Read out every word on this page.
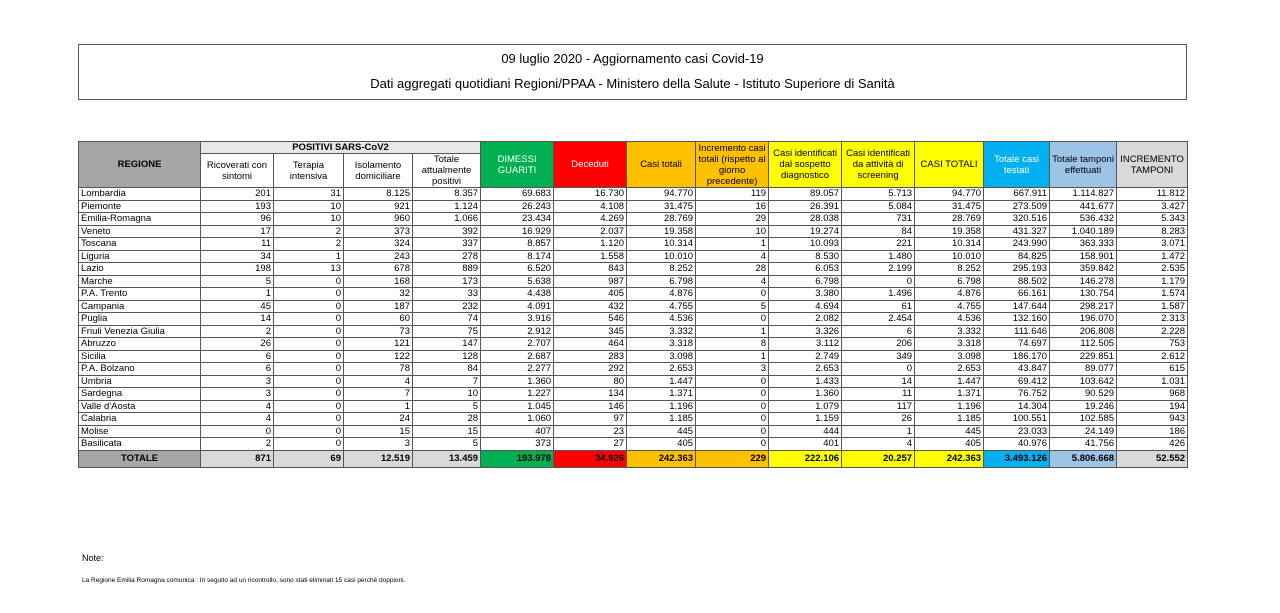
09 luglio 2020 - Aggiornamento casi Covid-19
Dati aggregati quotidiani Regioni/PPAA - Ministero della Salute - Istituto Superiore di Sanità
REGIONE	POSITIVI SARS-CoV2				DIMESSI GUARITI	Deceduti	Casi totali	Incremento casi totali (rispetto al giorno precedente)	Casi identificati dal sospetto diagnostico	Casi identificati da attività di screening	CASI TOTALI	Totale casi testati	Totale tamponi effettuati	INCREMENTO TAMPONI
	Ricoverati con sintomi	Terapia intensiva	Isolamento domiciliare	Totale attualmente positivi										
Lombardia	201	31	8.125	8.357	69.683	16.730	94.770	119	89.057	5.713	94.770	667.911	1.114.827	11.812
Piemonte	193	10	921	1.124	26.243	4.108	31.475	16	26.391	5.084	31.475	273.509	441.677	3.427
Emilia-Romagna	96	10	960	1.066	23.434	4.269	28.769	29	28.038	731	28.769	320.516	536.432	5.343
Veneto	17	2	373	392	16.929	2.037	19.358	10	19.274	84	19.358	431.327	1.040.189	8.283
Toscana	11	2	324	337	8.857	1.120	10.314	1	10.093	221	10.314	243.990	363.333	3.071
Liguria	34	1	243	278	8.174	1.558	10.010	4	8.530	1.480	10.010	84.825	158.901	1.472
Lazio	198	13	678	889	6.520	843	8.252	28	6.053	2.199	8.252	295.193	359.842	2.535
Marche	5	0	168	173	5.638	987	6.798	4	6.798	0	6.798	88.502	146.278	1.179
P.A. Trento	1	0	32	33	4.438	405	4.876	0	3.380	1.496	4.876	66.161	130.754	1.574
Campania	45	0	187	232	4.091	432	4.755	5	4.694	61	4.755	147.644	298.217	1.587
Puglia	14	0	60	74	3.916	546	4.536	0	2.082	2.454	4.536	132.160	196.070	2.313
Friuli Venezia Giulia	2	0	73	75	2.912	345	3.332	1	3.326	6	3.332	111.646	206.808	2.228
Abruzzo	26	0	121	147	2.707	464	3.318	8	3.112	206	3.318	74.697	112.505	753
Sicilia	6	0	122	128	2.687	283	3.098	1	2.749	349	3.098	186.170	229.851	2.612
P.A. Bolzano	6	0	78	84	2.277	292	2.653	3	2.653	0	2.653	43.847	89.077	615
Umbria	3	0	4	7	1.360	80	1.447	0	1.433	14	1.447	69.412	103.642	1.031
Sardegna	3	0	7	10	1.227	134	1.371	0	1.360	11	1.371	76.752	90.529	968
Valle d'Aosta	4	0	1	5	1.045	146	1.196	0	1.079	117	1.196	14.304	19.246	194
Calabria	4	0	24	28	1.060	97	1.185	0	1.159	26	1.185	100.551	102.585	943
Molise	0	0	15	15	407	23	445	0	444	1	445	23.033	24.149	186
Basilicata	2	0	3	5	373	27	405	0	401	4	405	40.976	41.756	426
TOTALE	871	69	12.519	13.459	193.978	34.926	242.363	229	222.106	20.257	242.363	3.493.126	5.806.668	52.552
Note:
La Regione Emilia Romagna comunica : In seguito ad un ricontrollo, sono stati eliminati 15 casi perchè doppioni.
